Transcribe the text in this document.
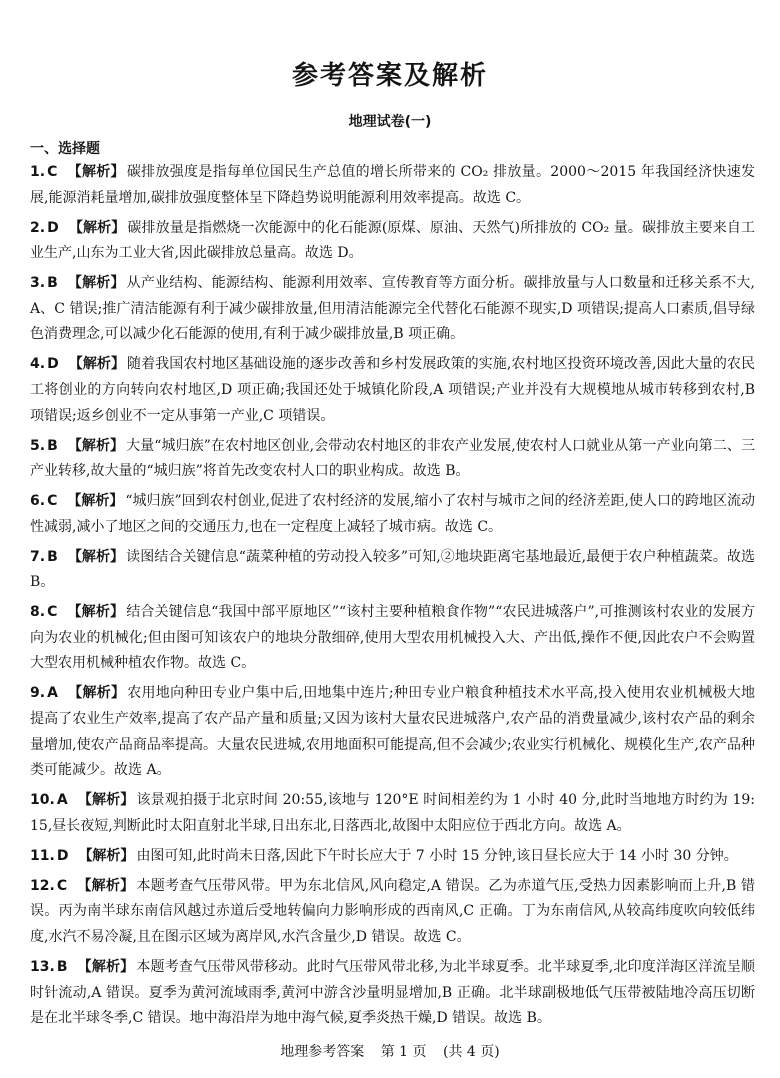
参考答案及解析
地理试卷(一)
一、选择题
1. C 【解析】 碳排放强度是指每单位国民生产总值的增长所带来的 CO₂ 排放量。2000～2015 年我国经济快速发展,能源消耗量增加,碳排放强度整体呈下降趋势说明能源利用效率提高。故选 C。
2. D 【解析】 碳排放量是指燃烧一次能源中的化石能源(原煤、原油、天然气)所排放的 CO₂ 量。碳排放主要来自工业生产,山东为工业大省,因此碳排放总量高。故选 D。
3. B 【解析】 从产业结构、能源结构、能源利用效率、宣传教育等方面分析。碳排放量与人口数量和迁移关系不大,A、C 错误;推广清洁能源有利于减少碳排放量,但用清洁能源完全代替化石能源不现实,D 项错误;提高人口素质,倡导绿色消费理念,可以减少化石能源的使用,有利于减少碳排放量,B 项正确。
4. D 【解析】 随着我国农村地区基础设施的逐步改善和乡村发展政策的实施,农村地区投资环境改善,因此大量的农民工将创业的方向转向农村地区,D 项正确;我国还处于城镇化阶段,A 项错误;产业并没有大规模地从城市转移到农村,B 项错误;返乡创业不一定从事第一产业,C 项错误。
5. B 【解析】 大量“城归族”在农村地区创业,会带动农村地区的非农产业发展,使农村人口就业从第一产业向第二、三产业转移,故大量的“城归族”将首先改变农村人口的职业构成。故选 B。
6. C 【解析】 “城归族”回到农村创业,促进了农村经济的发展,缩小了农村与城市之间的经济差距,使人口的跨地区流动性减弱,减小了地区之间的交通压力,也在一定程度上减轻了城市病。故选 C。
7. B 【解析】 读图结合关键信息“蔬菜种植的劳动投入较多”可知,②地块距离宅基地最近,最便于农户种植蔬菜。故选 B。
8. C 【解析】 结合关键信息“我国中部平原地区”“该村主要种植粮食作物”“农民进城落户”,可推测该村农业的发展方向为农业的机械化;但由图可知该农户的地块分散细碎,使用大型农用机械投入大、产出低,操作不便,因此农户不会购置大型农用机械种植农作物。故选 C。
9. A 【解析】 农用地向种田专业户集中后,田地集中连片;种田专业户粮食种植技术水平高,投入使用农业机械极大地提高了农业生产效率,提高了农产品产量和质量;又因为该村大量农民进城落户,农产品的消费量减少,该村农产品的剩余量增加,使农产品商品率提高。大量农民进城,农用地面积可能提高,但不会减少;农业实行机械化、规模化生产,农产品种类可能减少。故选 A。
10. A 【解析】 该景观拍摄于北京时间 20:55,该地与 120°E 时间相差约为 1 小时 40 分,此时当地地方时约为 19:15,昼长夜短,判断此时太阳直射北半球,日出东北,日落西北,故图中太阳应位于西北方向。故选 A。
11. D 【解析】 由图可知,此时尚未日落,因此下午时长应大于 7 小时 15 分钟,该日昼长应大于 14 小时 30 分钟。
12. C 【解析】 本题考查气压带风带。甲为东北信风,风向稳定,A 错误。乙为赤道气压,受热力因素影响而上升,B 错误。丙为南半球东南信风越过赤道后受地转偏向力影响形成的西南风,C 正确。丁为东南信风,从较高纬度吹向较低纬度,水汽不易冷凝,且在图示区域为离岸风,水汽含量少,D 错误。故选 C。
13. B 【解析】 本题考查气压带风带移动。此时气压带风带北移,为北半球夏季。北半球夏季,北印度洋海区洋流呈顺时针流动,A 错误。夏季为黄河流域雨季,黄河中游含沙量明显增加,B 正确。北半球副极地低气压带被陆地冷高压切断是在北半球冬季,C 错误。地中海沿岸为地中海气候,夏季炎热干燥,D 错误。故选 B。
地理参考答案 第 1 页 (共 4 页)
